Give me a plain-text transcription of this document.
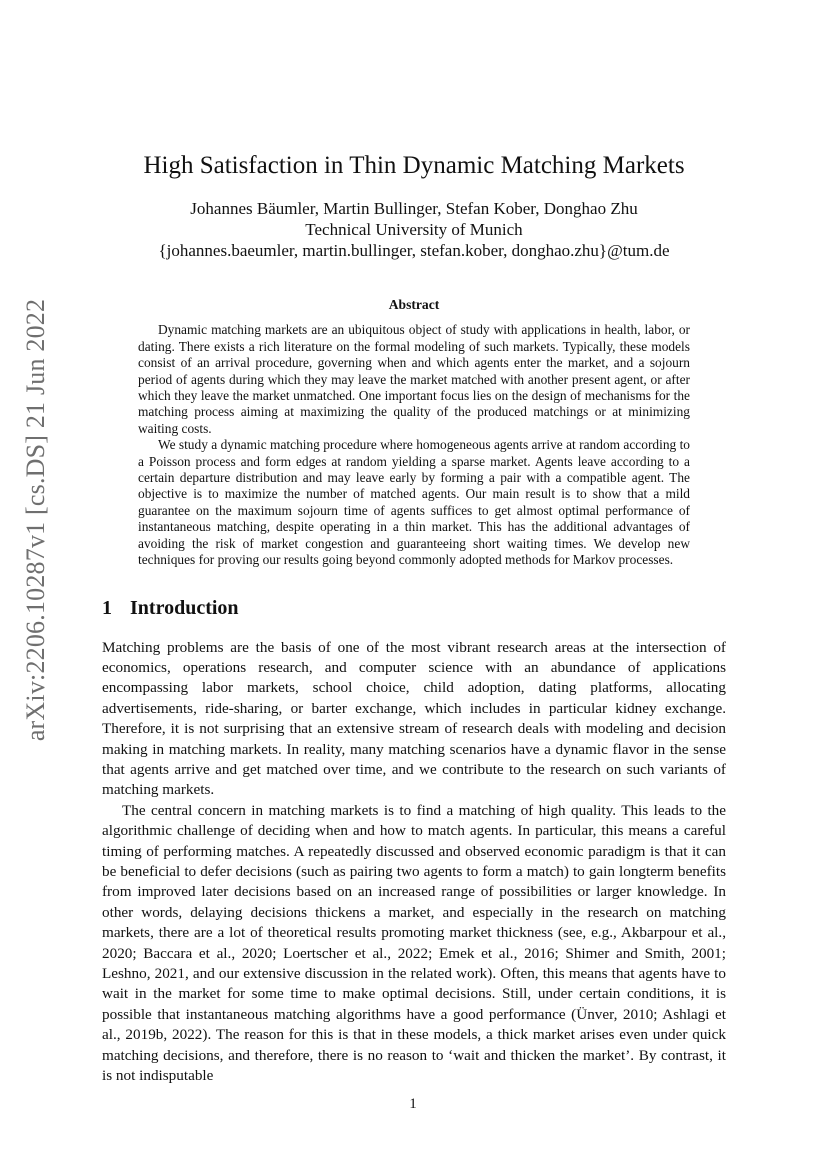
arXiv:2206.10287v1 [cs.DS] 21 Jun 2022
High Satisfaction in Thin Dynamic Matching Markets
Johannes Bäumler, Martin Bullinger, Stefan Kober, Donghao Zhu
Technical University of Munich
{johannes.baeumler, martin.bullinger, stefan.kober, donghao.zhu}@tum.de
Abstract

Dynamic matching markets are an ubiquitous object of study with applications in health, labor, or dating. There exists a rich literature on the formal modeling of such markets. Typically, these models consist of an arrival procedure, governing when and which agents enter the market, and a sojourn period of agents during which they may leave the market matched with another present agent, or after which they leave the market unmatched. One important focus lies on the design of mechanisms for the matching process aiming at maximizing the quality of the produced matchings or at minimizing waiting costs.

We study a dynamic matching procedure where homogeneous agents arrive at random according to a Poisson process and form edges at random yielding a sparse market. Agents leave according to a certain departure distribution and may leave early by forming a pair with a compatible agent. The objective is to maximize the number of matched agents. Our main result is to show that a mild guarantee on the maximum sojourn time of agents suffices to get almost optimal performance of instantaneous matching, despite operating in a thin market. This has the additional advantages of avoiding the risk of market congestion and guaranteeing short waiting times. We develop new techniques for proving our results going beyond commonly adopted methods for Markov processes.

1 Introduction

Matching problems are the basis of one of the most vibrant research areas at the intersection of economics, operations research, and computer science with an abundance of applications encompassing labor markets, school choice, child adoption, dating platforms, allocating advertisements, ride-sharing, or barter exchange, which includes in particular kidney exchange. Therefore, it is not surprising that an extensive stream of research deals with modeling and decision making in matching markets. In reality, many matching scenarios have a dynamic flavor in the sense that agents arrive and get matched over time, and we contribute to the research on such variants of matching markets.

The central concern in matching markets is to find a matching of high quality. This leads to the algorithmic challenge of deciding when and how to match agents. In particular, this means a careful timing of performing matches. A repeatedly discussed and observed economic paradigm is that it can be beneficial to defer decisions (such as pairing two agents to form a match) to gain longterm benefits from improved later decisions based on an increased range of possibilities or larger knowledge. In other words, delaying decisions thickens a market, and especially in the research on matching markets, there are a lot of theoretical results promoting market thickness (see, e.g., Akbarpour et al., 2020; Baccara et al., 2020; Loertscher et al., 2022; Emek et al., 2016; Shimer and Smith, 2001; Leshno, 2021, and our extensive discussion in the related work). Often, this means that agents have to wait in the market for some time to make optimal decisions. Still, under certain conditions, it is possible that instantaneous matching algorithms have a good performance (Ünver, 2010; Ashlagi et al., 2019b, 2022). The reason for this is that in these models, a thick market arises even under quick matching decisions, and therefore, there is no reason to ‘wait and thicken the market’. By contrast, it is not indisputable

1
